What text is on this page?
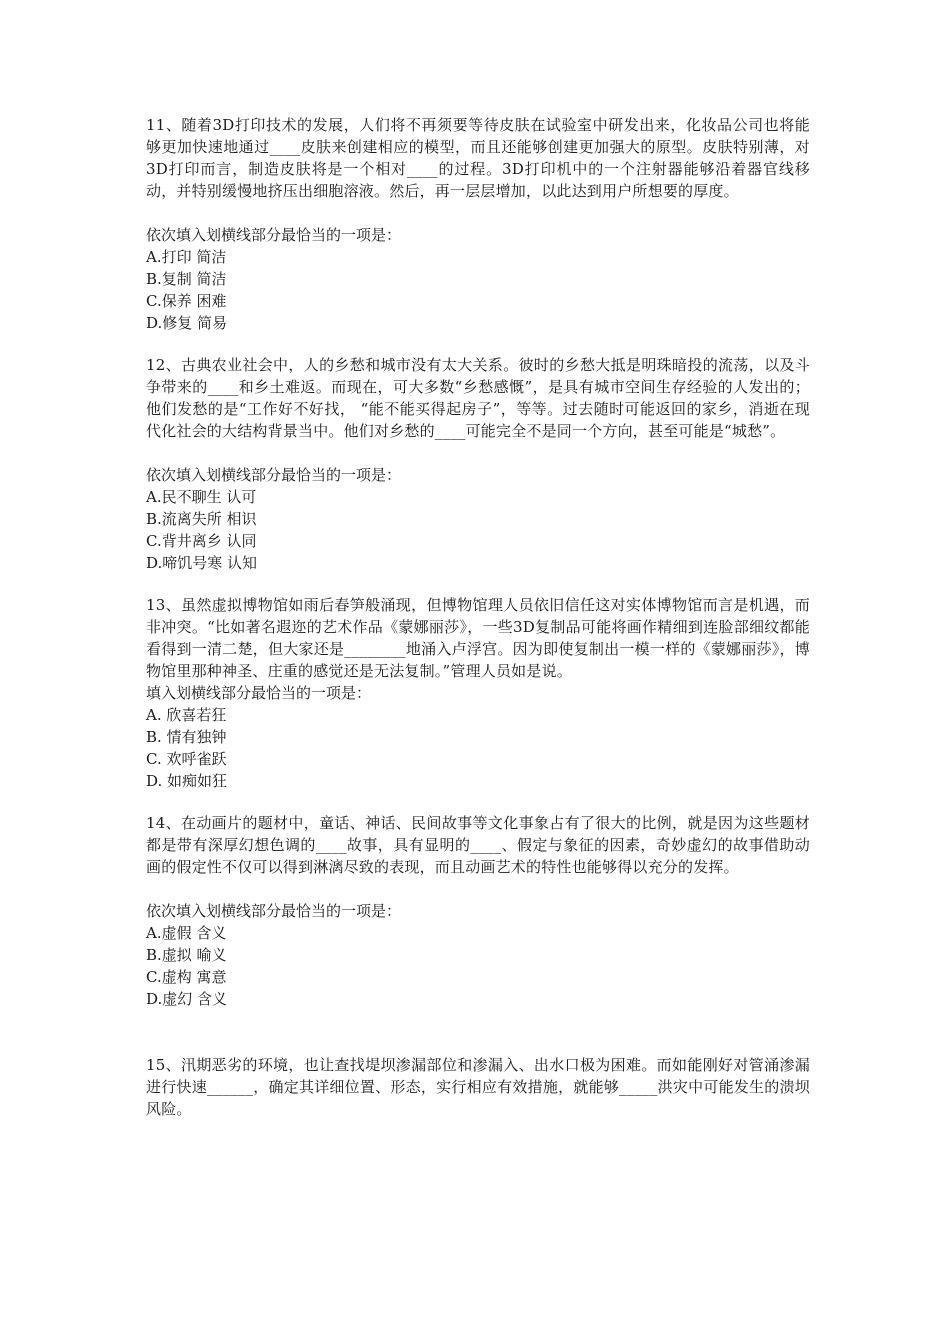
11、随着3D打印技术的发展，人们将不再须要等待皮肤在试验室中研发出来，化妆品公司也将能够更加快速地通过____皮肤来创建相应的模型，而且还能够创建更加强大的原型。皮肤特别薄，对3D打印而言，制造皮肤将是一个相对____的过程。3D打印机中的一个注射器能够沿着器官线移动，并特别缓慢地挤压出细胞溶液。然后，再一层层增加，以此达到用户所想要的厚度。

依次填入划横线部分最恰当的一项是：

A.打印 简洁
B.复制 简洁
C.保养 困难
D.修复 简易

12、古典农业社会中，人的乡愁和城市没有太大关系。彼时的乡愁大抵是明珠暗投的流荡，以及斗争带来的____和乡土难返。而现在，可大多数“乡愁感慨”，是具有城市空间生存经验的人发出的；他们发愁的是“工作好不好找， “能不能买得起房子”，等等。过去随时可能返回的家乡，消逝在现代化社会的大结构背景当中。他们对乡愁的____可能完全不是同一个方向，甚至可能是“城愁”。

依次填入划横线部分最恰当的一项是：

A.民不聊生 认可
B.流离失所 相识
C.背井离乡 认同
D.啼饥号寒 认知

13、虽然虚拟博物馆如雨后春笋般涌现，但博物馆理人员依旧信任这对实体博物馆而言是机遇，而非冲突。“比如著名遐迩的艺术作品《蒙娜丽莎》，一些3D复制品可能将画作精细到连脸部细纹都能看得到一清二楚，但大家还是________地涌入卢浮宫。因为即使复制出一模一样的《蒙娜丽莎》，博物馆里那种神圣、庄重的感觉还是无法复制。”管理人员如是说。

填入划横线部分最恰当的一项是：

A. 欣喜若狂
B. 情有独钟
C. 欢呼雀跃
D. 如痴如狂

14、在动画片的题材中，童话、神话、民间故事等文化事象占有了很大的比例，就是因为这些题材都是带有深厚幻想色调的____故事，具有显明的____、假定与象征的因素，奇妙虚幻的故事借助动画的假定性不仅可以得到淋漓尽致的表现，而且动画艺术的特性也能够得以充分的发挥。

依次填入划横线部分最恰当的一项是：

A.虚假 含义
B.虚拟 喻义
C.虚构 寓意
D.虚幻 含义

15、汛期恶劣的环境，也让查找堤坝渗漏部位和渗漏入、出水口极为困难。而如能刚好对管涌渗漏进行快速______，确定其详细位置、形态，实行相应有效措施，就能够_____洪灾中可能发生的溃坝风险。
